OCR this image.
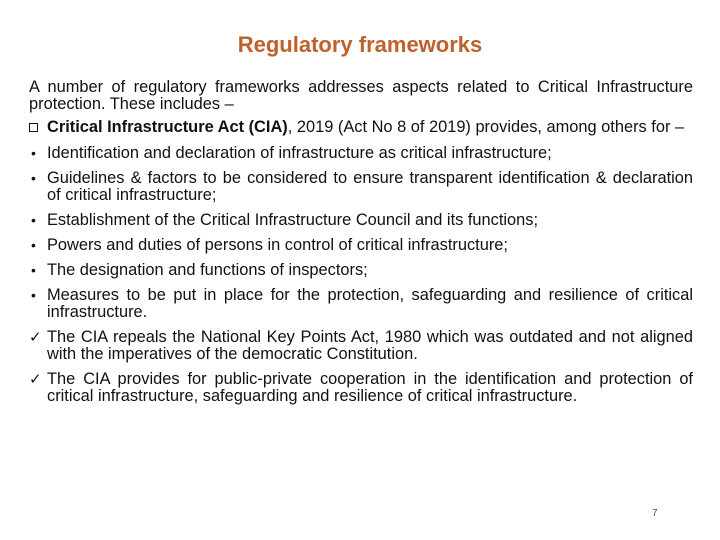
Regulatory frameworks

A number of regulatory frameworks addresses aspects related to Critical Infrastructure protection. These includes –

Critical Infrastructure Act (CIA), 2019 (Act No 8 of 2019) provides, among others for –
• Identification and declaration of infrastructure as critical infrastructure;
• Guidelines & factors to be considered to ensure transparent identification & declaration of critical infrastructure;
• Establishment of the Critical Infrastructure Council and its functions;
• Powers and duties of persons in control of critical infrastructure;
• The designation and functions of inspectors;
• Measures to be put in place for the protection, safeguarding and resilience of critical infrastructure.
✓ The CIA repeals the National Key Points Act, 1980 which was outdated and not aligned with the imperatives of the democratic Constitution.
✓ The CIA provides for public-private cooperation in the identification and protection of critical infrastructure, safeguarding and resilience of critical infrastructure.
7
